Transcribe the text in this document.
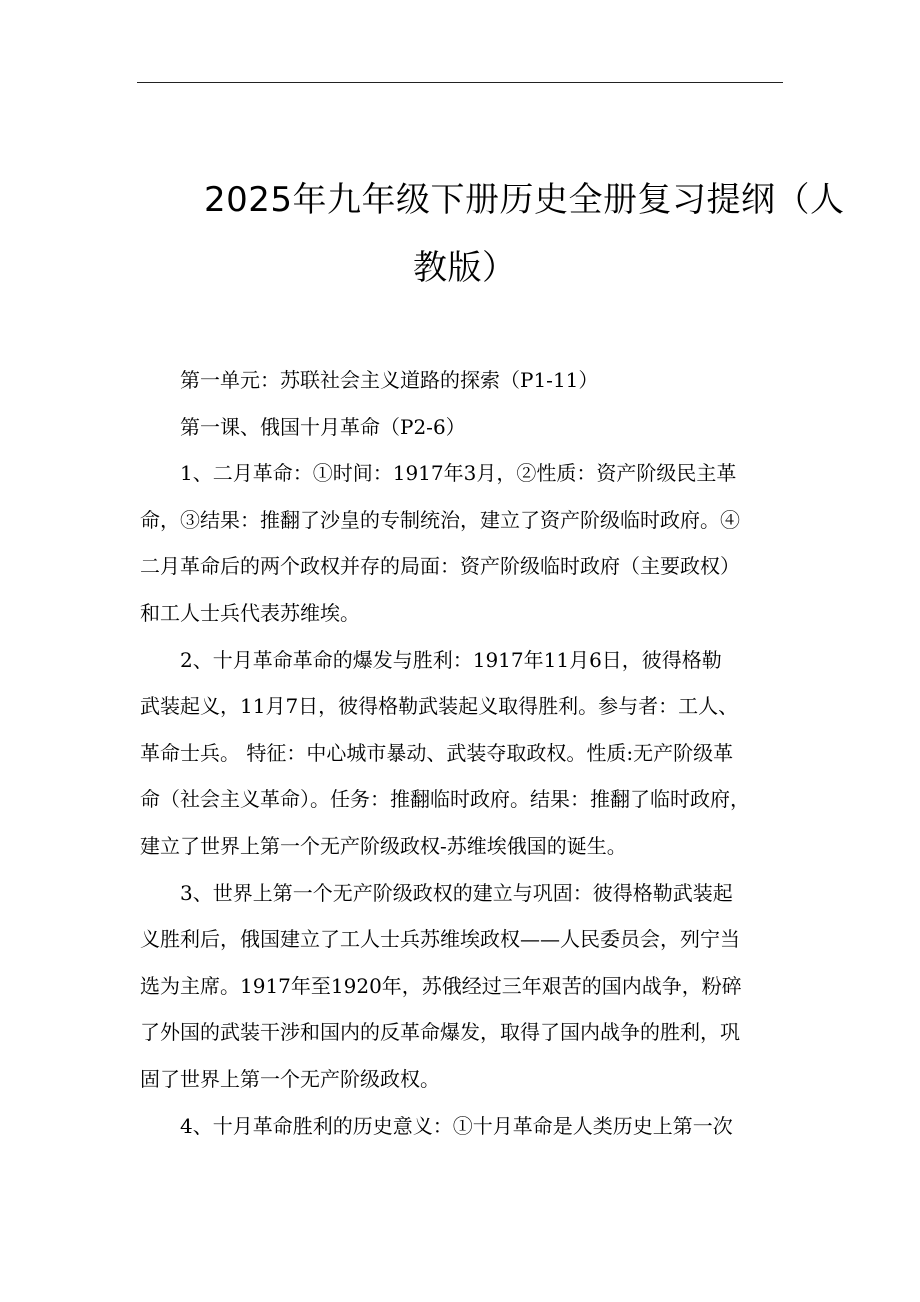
2025年九年级下册历史全册复习提纲（人
教版）
第一单元：苏联社会主义道路的探索（P1-11）
第一课、俄国十月革命（P2-6）
1、二月革命：①时间：1917年3月，②性质：资产阶级民主革
命，③结果：推翻了沙皇的专制统治，建立了资产阶级临时政府。④
二月革命后的两个政权并存的局面：资产阶级临时政府（主要政权）
和工人士兵代表苏维埃。
2、十月革命革命的爆发与胜利：1917年11月6日，彼得格勒
武装起义，11月7日，彼得格勒武装起义取得胜利。参与者：工人、
革命士兵。 特征：中心城市暴动、武装夺取政权。性质:无产阶级革
命（社会主义革命）。任务：推翻临时政府。结果：推翻了临时政府，
建立了世界上第一个无产阶级政权-苏维埃俄国的诞生。
3、世界上第一个无产阶级政权的建立与巩固：彼得格勒武装起
义胜利后，俄国建立了工人士兵苏维埃政权——人民委员会，列宁当
选为主席。1917年至1920年，苏俄经过三年艰苦的国内战争，粉碎
了外国的武装干涉和国内的反革命爆发，取得了国内战争的胜利，巩
固了世界上第一个无产阶级政权。
4、十月革命胜利的历史意义：①十月革命是人类历史上第一次
